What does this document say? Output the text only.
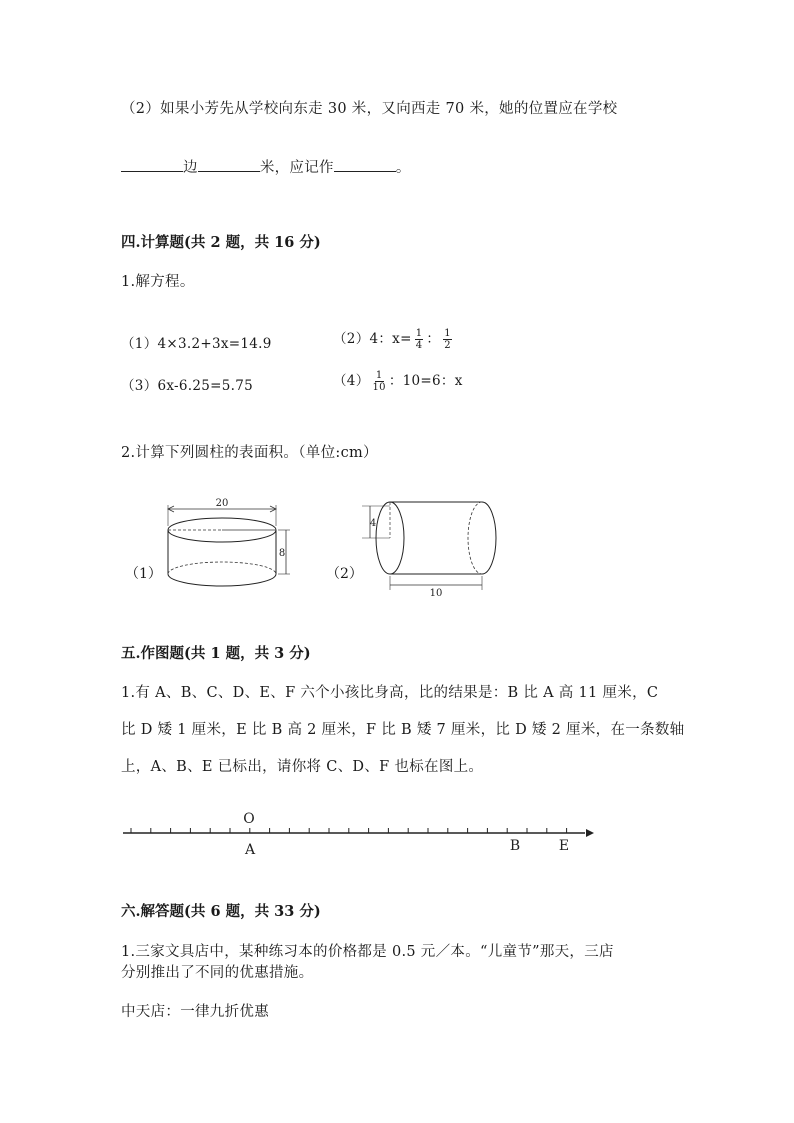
（2）如果小芳先从学校向东走 30 米，又向西走 70 米，她的位置应在学校
边	米，应记作	。
四.计算题(共 2 题，共 16 分)
1.解方程。
（1）4×3.2+3x=14.9	（2）4：$x= \frac{1}{4}$ ： $\frac{1}{2}$
（3）6x-6.25=5.75	$(4) \frac{1}{10}$ ：10=6：x
2.计算下列圆柱的表面积。（单位:cm）
（1）
20
8
（2）
4
10
五.作图题(共 1 题，共 3 分)
1.有 A、B、C、D、E、F 六个小孩比身高，比的结果是：B 比 A 高 11 厘米，C
比 D 矮 1 厘米，E 比 B 高 2 厘米，F 比 B 矮 7 厘米，比 D 矮 2 厘米，在一条数轴
上，A、B、E 已标出，请你将 C、D、F 也标在图上。
O
A	B	E
六.解答题(共 6 题，共 33 分)
1.三家文具店中，某种练习本的价格都是 0.5 元／本。“儿童节”那天，三店
分别推出了不同的优惠措施。
中天店：一律九折优惠
